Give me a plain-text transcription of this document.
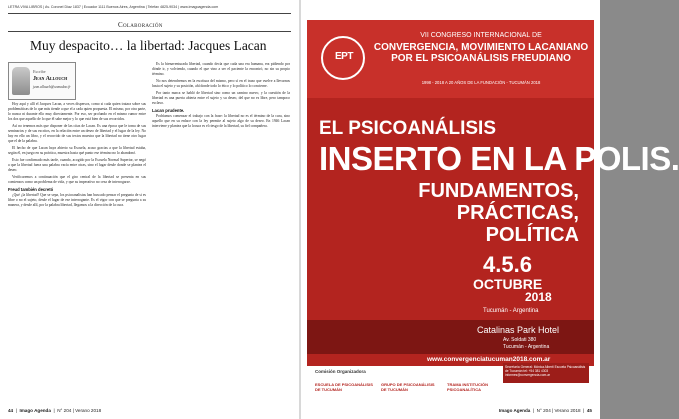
LETRA VIVA LIBROS | Av. Coronel Díaz 1837 | Ecuador 1111 Buenos Aires, Argentina | Telefax 4825-9034 | www.imagoagenda.com
Colaboración
Muy despacito… la libertad: Jacques Lacan
Escribe
Jean Allouch
jean.allouch@wanadoo.fr

Hoy aquí y allí el Jacques Lacan, a veces dispersos, como si cada quien tratara sobre sus problemáticas de lo que más tiende a que el a cada quien propuesta. El mismo, por otra parte, lo nunca ni durante ello muy directamente. Por eso, ser profundo en el mismo rumor entre los dos que aquello de lo que él sabe mejor y lo que está bien de sus recorridos.

Así no tenemos más que disponer de las citas de Lacan. Es una época que le toma de sus seminarios y de sus escritos, en la relación entre un deseo de libertad y el lugar de la ley. No hay en ello un libro, y el recorrido de sus textos muestra que la libertad no tiene otro lugar que el de la palabra.

El hecho de que Lacan haya abierto su Escuela, acaso gracias a que la libertad estaba, según él, en juego en su práctica, muestra hasta qué punto ese término no lo abandonó.

Esto fue confirmado más tarde, cuando, acogido por la Escuela Normal Superior, se negó a que la libertad fuera una palabra vacía entre otras, sino el lugar desde donde se plantea el deseo.

Verificaremos a continuación que el giro central de la libertad se presenta en sus comienzos como un problema de vida, y que su imperativo no cesa de interrogarse.

Freud también decretó

¿Qué ¿la libertad? Que se sepa, los psicoanalistas han buscado pensar el pregunta de si es libre o no el sujeto, desde el lugar de ese interrogante. Es el vigor con que se pregunta a su manera, y desde allí, por la palabra libertad, llegamos a la dirección de la cura.

Es la bienaventurada libertad, cuando decía que cada una era humana, era pidiendo por dónde ir, y volviendo, cuando el que vino a ser el paciente la encontró, no sin su propio término.

No nos detendremos en la escritura del mismo, pero sí en el trazo que vuelve a llevarnos hasta el sujeto y su posición, ahí donde todo lo ético y lo político lo concierne.

Por tanto nunca se habló de libertad sino como un camino nuevo, y la cuestión de la libertad es una puerta abierta entre el sujeto y su deseo, del que no es libre, pero tampoco esclavo.

Lacan prudente.

Podríamos comenzar el trabajo con la frase: la libertad no es el término de la cura, sino aquello que en su enlace con la ley permite al sujeto algo de su deseo. En 1946 Lacan interviene y plantea que la locura es el riesgo de la libertad, su fiel compañera.

44  |  Imago Agenda  |  N° 204 | Verano 2018
EPT
VII CONGRESO INTERNACIONAL DE
CONVERGENCIA, MOVIMIENTO LACANIANO POR EL PSICOANÁLISIS FREUDIANO
1998 - 2018 A 20 AÑOS DE LA FUNDACIÓN - TUCUMÁN 2018
EL PSICOANÁLISIS
INSERTO EN LA POLIS.
FUNDAMENTOS,
PRÁCTICAS,
POLÍTICA
4.5.6
OCTUBRE
2018
Tucumán - Argentina
Catalinas Park Hotel
Av. Soldati 380
Tucumán - Argentina
www.convergenciatucuman2018.com.ar
Comisión Organizadora
ESCUELA DE PSICOANÁLISIS DE TUCUMÁN
GRUPO DE PSICOANÁLISIS DE TUCUMÁN
TRAMA INSTITUCIÓN PSICOANALÍTICA
Secretaría General: Mónica Alberti Escuela Psicoanálisis de Tucumán tel: +54 381 4303 informes@convergencia.com.ar
Imago Agenda  |  N° 204 | Verano 2018  |  45
